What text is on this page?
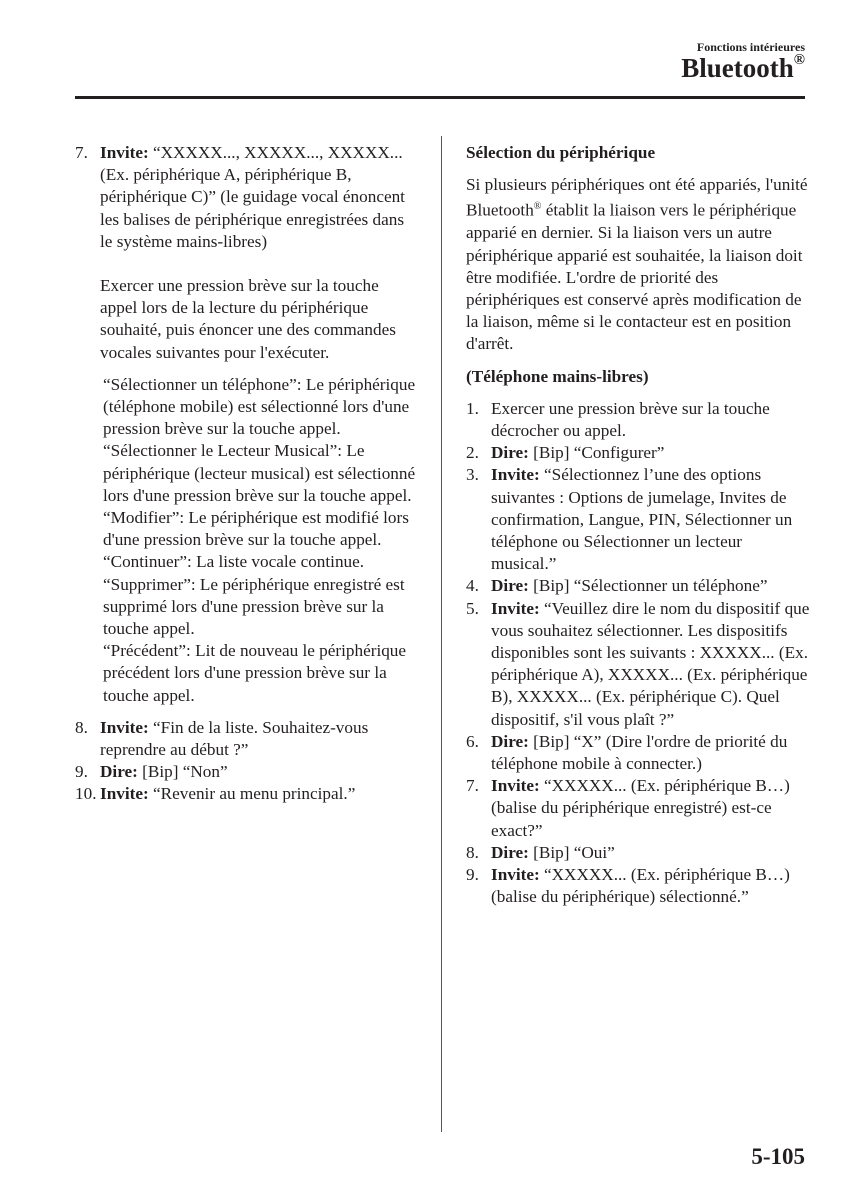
Fonctions intérieures
Bluetooth®
7. Invite: “XXXXX..., XXXXX..., XXXXX... (Ex. périphérique A, périphérique B, périphérique C)” (le guidage vocal énoncent les balises de périphérique enregistrées dans le système mains-libres)
Exercer une pression brève sur la touche appel lors de la lecture du périphérique souhaité, puis énoncer une des commandes vocales suivantes pour l'exécuter.
“Sélectionner un téléphone”: Le périphérique (téléphone mobile) est sélectionné lors d'une pression brève sur la touche appel.
“Sélectionner le Lecteur Musical”: Le périphérique (lecteur musical) est sélectionné lors d'une pression brève sur la touche appel.
“Modifier”: Le périphérique est modifié lors d'une pression brève sur la touche appel.
“Continuer”: La liste vocale continue.
“Supprimer”: Le périphérique enregistré est supprimé lors d'une pression brève sur la touche appel.
“Précédent”: Lit de nouveau le périphérique précédent lors d'une pression brève sur la touche appel.
8. Invite: “Fin de la liste. Souhaitez-vous reprendre au début ?”
9. Dire: [Bip] “Non”
10. Invite: “Revenir au menu principal.”
Sélection du périphérique
Si plusieurs périphériques ont été appariés, l'unité Bluetooth® établit la liaison vers le périphérique apparié en dernier. Si la liaison vers un autre périphérique apparié est souhaitée, la liaison doit être modifiée. L'ordre de priorité des périphériques est conservé après modification de la liaison, même si le contacteur est en position d'arrêt.
(Téléphone mains-libres)
1. Exercer une pression brève sur la touche décrocher ou appel.
2. Dire: [Bip] “Configurer”
3. Invite: “Sélectionnez l’une des options suivantes : Options de jumelage, Invites de confirmation, Langue, PIN, Sélectionner un téléphone ou Sélectionner un lecteur musical.”
4. Dire: [Bip] “Sélectionner un téléphone”
5. Invite: “Veuillez dire le nom du dispositif que vous souhaitez sélectionner. Les dispositifs disponibles sont les suivants : XXXXX... (Ex. périphérique A), XXXXX... (Ex. périphérique B), XXXXX... (Ex. périphérique C). Quel dispositif, s'il vous plaît ?”
6. Dire: [Bip] “X” (Dire l'ordre de priorité du téléphone mobile à connecter.)
7. Invite: “XXXXX... (Ex. périphérique B…) (balise du périphérique enregistré) est-ce exact?”
8. Dire: [Bip] “Oui”
9. Invite: “XXXXX... (Ex. périphérique B…) (balise du périphérique) sélectionné.”
5-105
